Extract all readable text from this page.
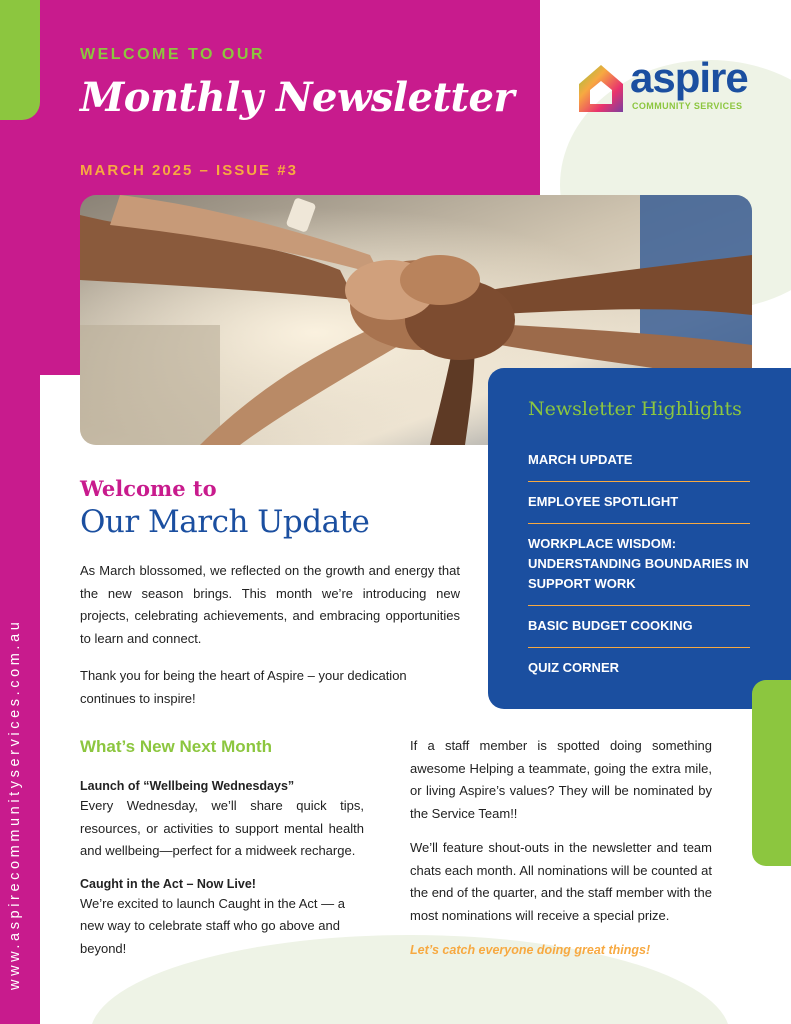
WELCOME TO OUR
Monthly Newsletter
MARCH 2025 – ISSUE #3
aspire
COMMUNITY SERVICES
Newsletter Highlights
MARCH UPDATE
EMPLOYEE SPOTLIGHT
WORKPLACE WISDOM: UNDERSTANDING BOUNDARIES IN SUPPORT WORK
BASIC BUDGET COOKING
QUIZ CORNER
Welcome to
Our March Update

As March blossomed, we reflected on the growth and energy that the new season brings. This month we’re introducing new projects, celebrating achievements, and embracing opportunities to learn and connect.

Thank you for being the heart of Aspire – your dedication continues to inspire!

What’s New Next Month
Launch of “Wellbeing Wednesdays”

Every Wednesday, we’ll share quick tips, resources, or activities to support mental health and wellbeing—perfect for a midweek recharge.

Caught in the Act – Now Live!

We’re excited to launch Caught in the Act — a new way to celebrate staff who go above and beyond!

If a staff member is spotted doing something awesome Helping a teammate, going the extra mile, or living Aspire’s values? They will be nominated by the Service Team!!

We’ll feature shout-outs in the newsletter and team chats each month. All nominations will be counted at the end of the quarter, and the staff member with the most nominations will receive a special prize.

Let’s catch everyone doing great things!

www.aspirecommunityservices.com.au
